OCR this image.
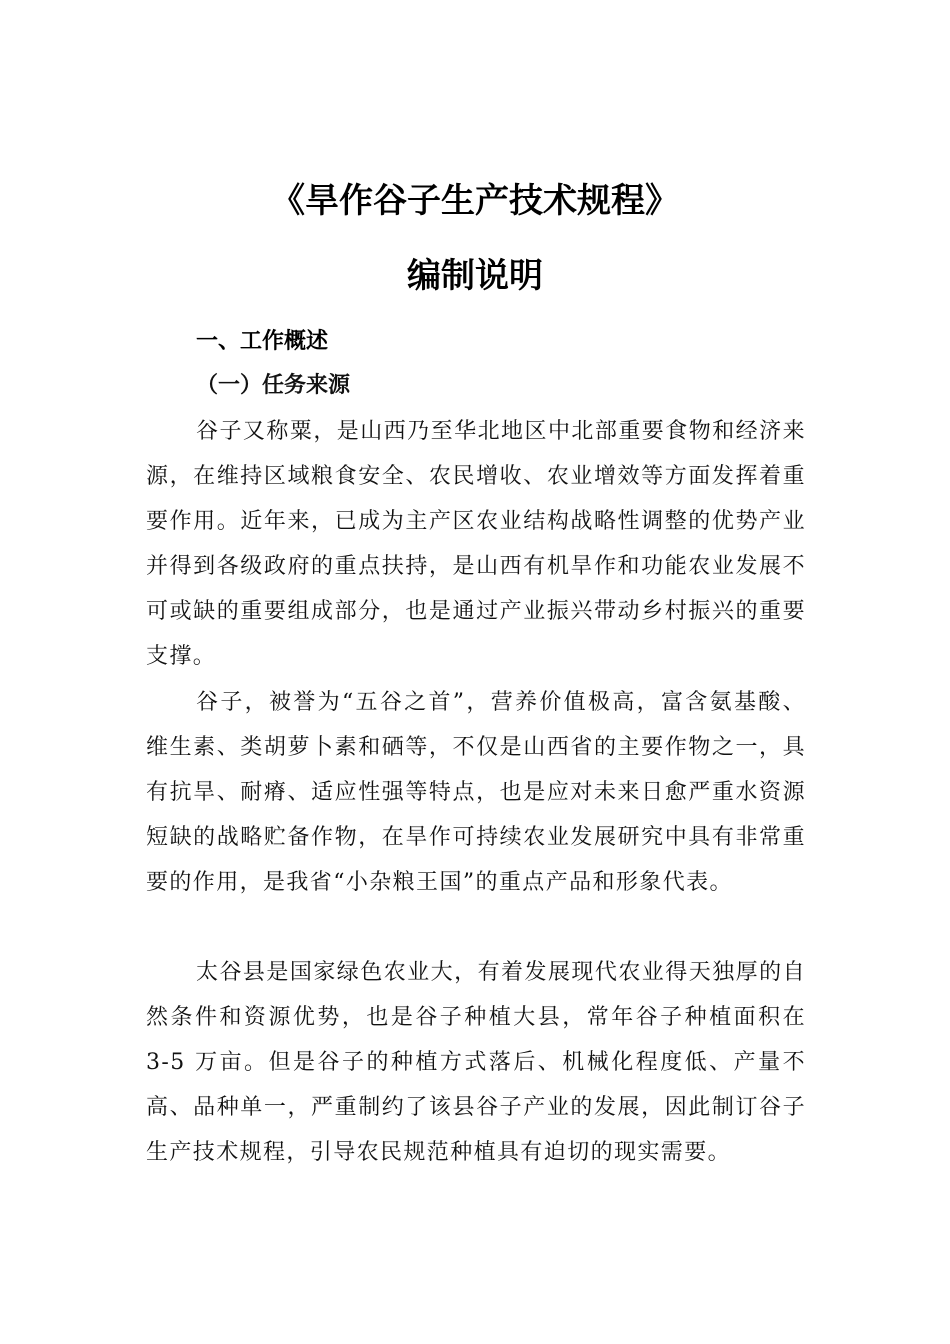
《旱作谷子生产技术规程》
编制说明
一、工作概述
（一）任务来源

谷子又称粟，是山西乃至华北地区中北部重要食物和经济来源，在维持区域粮食安全、农民增收、农业增效等方面发挥着重要作用。近年来，已成为主产区农业结构战略性调整的优势产业并得到各级政府的重点扶持，是山西有机旱作和功能农业发展不可或缺的重要组成部分，也是通过产业振兴带动乡村振兴的重要支撑。

谷子，被誉为“五谷之首”，营养价值极高，富含氨基酸、维生素、类胡萝卜素和硒等，不仅是山西省的主要作物之一，具有抗旱、耐瘠、适应性强等特点，也是应对未来日愈严重水资源短缺的战略贮备作物，在旱作可持续农业发展研究中具有非常重要的作用，是我省“小杂粮王国”的重点产品和形象代表。

太谷县是国家绿色农业大，有着发展现代农业得天独厚的自然条件和资源优势，也是谷子种植大县，常年谷子种植面积在 3-5 万亩。但是谷子的种植方式落后、机械化程度低、产量不高、品种单一，严重制约了该县谷子产业的发展，因此制订谷子生产技术规程，引导农民规范种植具有迫切的现实需要。
